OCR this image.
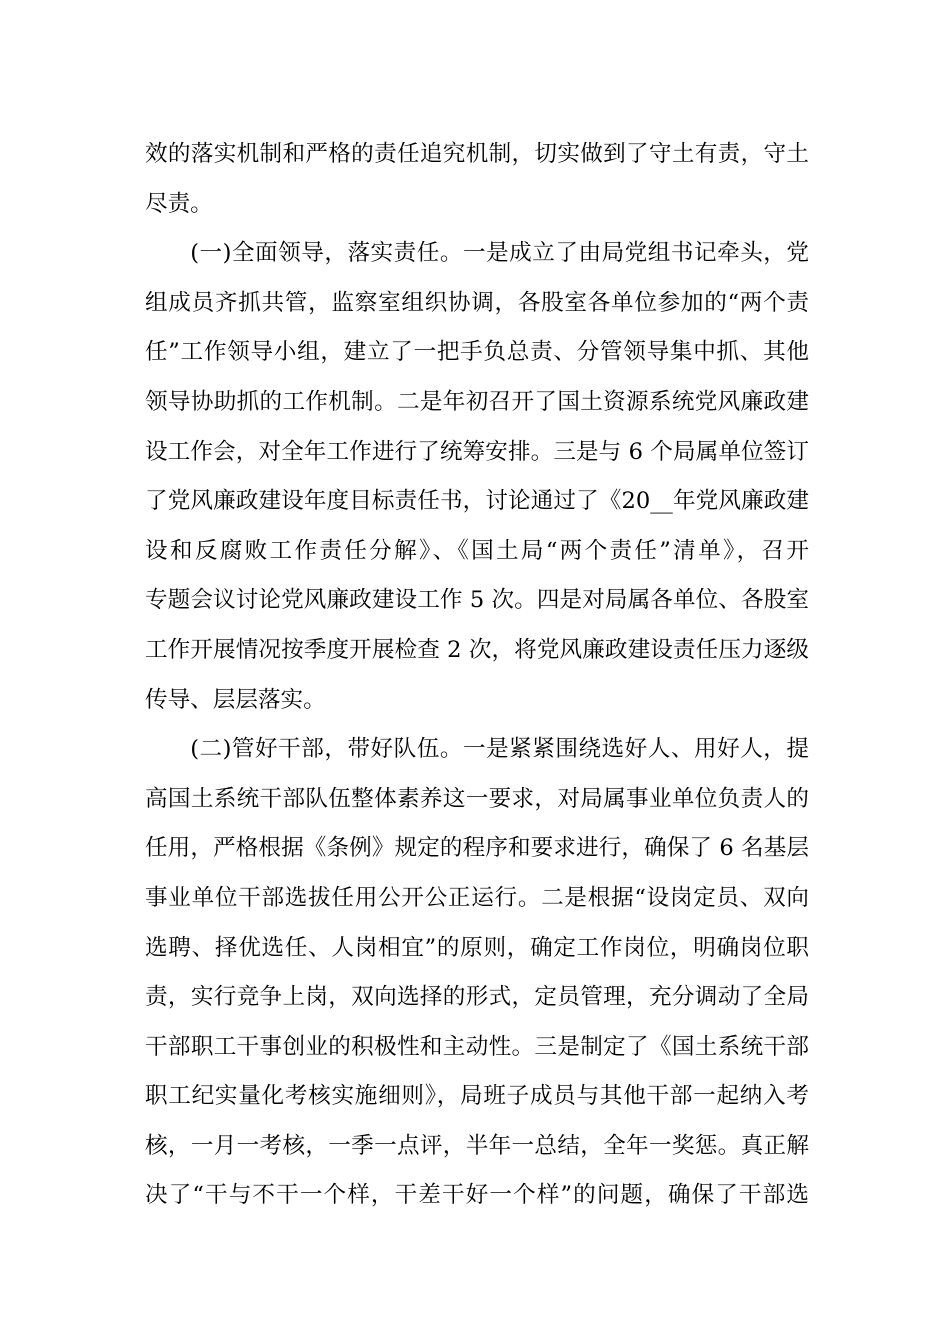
效的落实机制和严格的责任追究机制，切实做到了守土有责，守土
尽责。

(一)全面领导，落实责任。一是成立了由局党组书记牵头，党
组成员齐抓共管，监察室组织协调，各股室各单位参加的“两个责
任”工作领导小组，建立了一把手负总责、分管领导集中抓、其他
领导协助抓的工作机制。二是年初召开了国土资源系统党风廉政建
设工作会，对全年工作进行了统筹安排。三是与 6 个局属单位签订
了党风廉政建设年度目标责任书，讨论通过了《20__年党风廉政建
设和反腐败工作责任分解》、《国土局“两个责任”清单》，召开
专题会议讨论党风廉政建设工作 5 次。四是对局属各单位、各股室
工作开展情况按季度开展检查 2 次，将党风廉政建设责任压力逐级
传导、层层落实。

(二)管好干部，带好队伍。一是紧紧围绕选好人、用好人，提
高国土系统干部队伍整体素养这一要求，对局属事业单位负责人的
任用，严格根据《条例》规定的程序和要求进行，确保了 6 名基层
事业单位干部选拔任用公开公正运行。二是根据“设岗定员、双向
选聘、择优选任、人岗相宜”的原则，确定工作岗位，明确岗位职
责，实行竞争上岗，双向选择的形式，定员管理，充分调动了全局
干部职工干事创业的积极性和主动性。三是制定了《国土系统干部
职工纪实量化考核实施细则》，局班子成员与其他干部一起纳入考
核，一月一考核，一季一点评，半年一总结，全年一奖惩。真正解
决了“干与不干一个样，干差干好一个样”的问题，确保了干部选
